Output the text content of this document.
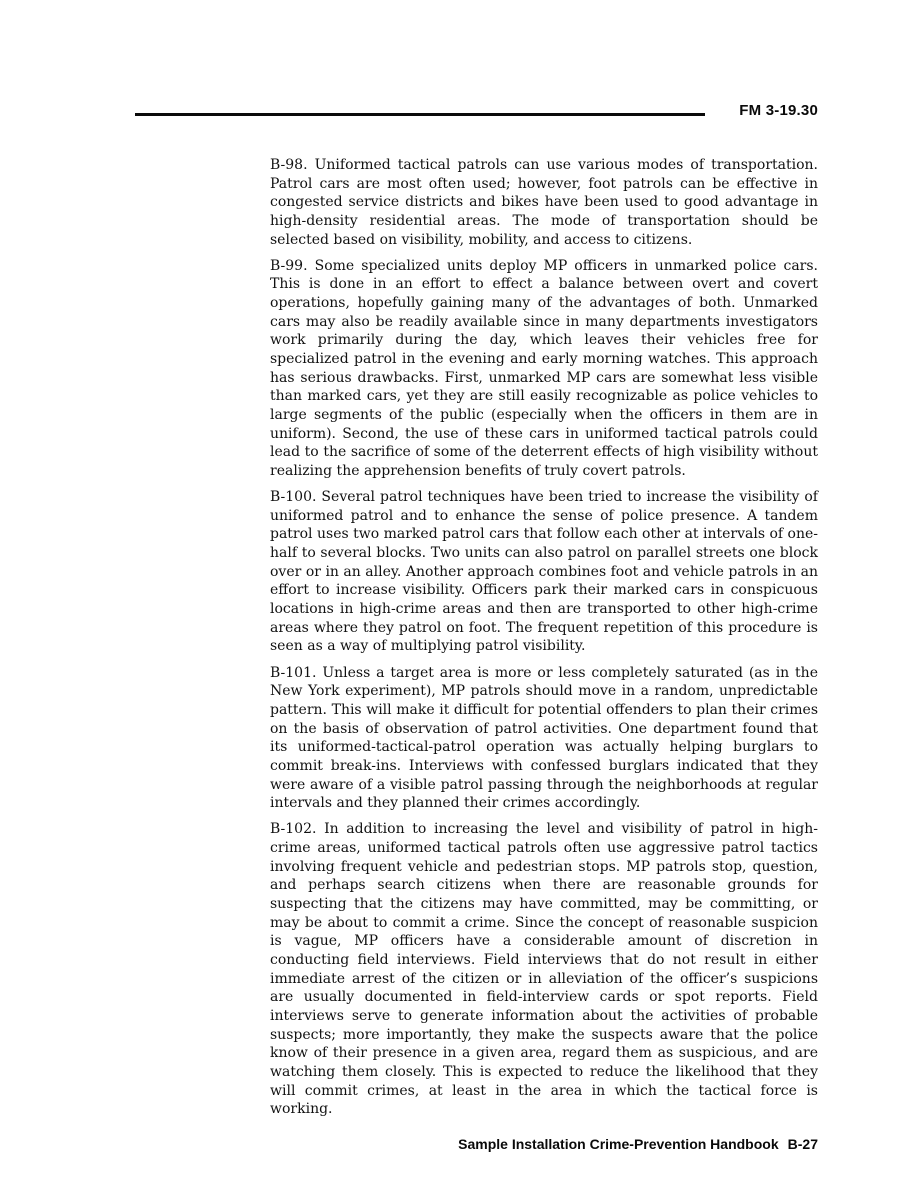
FM 3-19.30

B-98. Uniformed tactical patrols can use various modes of transportation. Patrol cars are most often used; however, foot patrols can be effective in congested service districts and bikes have been used to good advantage in high-density residential areas. The mode of transportation should be selected based on visibility, mobility, and access to citizens.

B-99. Some specialized units deploy MP officers in unmarked police cars. This is done in an effort to effect a balance between overt and covert operations, hopefully gaining many of the advantages of both. Unmarked cars may also be readily available since in many departments investigators work primarily during the day, which leaves their vehicles free for specialized patrol in the evening and early morning watches. This approach has serious drawbacks. First, unmarked MP cars are somewhat less visible than marked cars, yet they are still easily recognizable as police vehicles to large segments of the public (especially when the officers in them are in uniform). Second, the use of these cars in uniformed tactical patrols could lead to the sacrifice of some of the deterrent effects of high visibility without realizing the apprehension benefits of truly covert patrols.

B-100. Several patrol techniques have been tried to increase the visibility of uniformed patrol and to enhance the sense of police presence. A tandem patrol uses two marked patrol cars that follow each other at intervals of one-half to several blocks. Two units can also patrol on parallel streets one block over or in an alley. Another approach combines foot and vehicle patrols in an effort to increase visibility. Officers park their marked cars in conspicuous locations in high-crime areas and then are transported to other high-crime areas where they patrol on foot. The frequent repetition of this procedure is seen as a way of multiplying patrol visibility.

B-101. Unless a target area is more or less completely saturated (as in the New York experiment), MP patrols should move in a random, unpredictable pattern. This will make it difficult for potential offenders to plan their crimes on the basis of observation of patrol activities. One department found that its uniformed-tactical-patrol operation was actually helping burglars to commit break-ins. Interviews with confessed burglars indicated that they were aware of a visible patrol passing through the neighborhoods at regular intervals and they planned their crimes accordingly.

B-102. In addition to increasing the level and visibility of patrol in high-crime areas, uniformed tactical patrols often use aggressive patrol tactics involving frequent vehicle and pedestrian stops. MP patrols stop, question, and perhaps search citizens when there are reasonable grounds for suspecting that the citizens may have committed, may be committing, or may be about to commit a crime. Since the concept of reasonable suspicion is vague, MP officers have a considerable amount of discretion in conducting field interviews. Field interviews that do not result in either immediate arrest of the citizen or in alleviation of the officer’s suspicions are usually documented in field-interview cards or spot reports. Field interviews serve to generate information about the activities of probable suspects; more importantly, they make the suspects aware that the police know of their presence in a given area, regard them as suspicious, and are watching them closely. This is expected to reduce the likelihood that they will commit crimes, at least in the area in which the tactical force is working.

Sample Installation Crime-Prevention Handbook B-27
